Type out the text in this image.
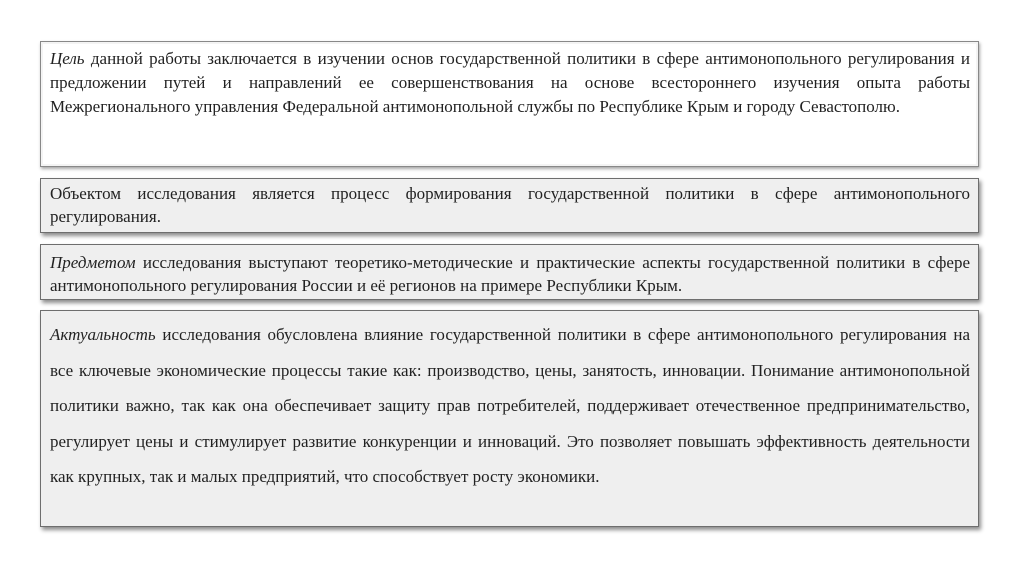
Цель данной работы заключается в изучении основ государственной политики в сфере антимонопольного регулирования и предложении путей и направлений ее совершенствования на основе всестороннего изучения опыта работы Межрегионального управления Федеральной антимонопольной службы по Республике Крым и городу Севастополю.

Объектом исследования является процесс формирования государственной политики в сфере антимонопольного регулирования.

Предметом исследования выступают теоретико-методические и практические аспекты государственной политики в сфере антимонопольного регулирования России и её регионов на примере Республики Крым.

Актуальность исследования обусловлена влияние государственной политики в сфере антимонопольного регулирования на все ключевые экономические процессы такие как: производство, цены, занятость, инновации. Понимание антимонопольной политики важно, так как она обеспечивает защиту прав потребителей, поддерживает отечественное предпринимательство, регулирует цены и стимулирует развитие конкуренции и инноваций. Это позволяет повышать эффективность деятельности как крупных, так и малых предприятий, что способствует росту экономики.
